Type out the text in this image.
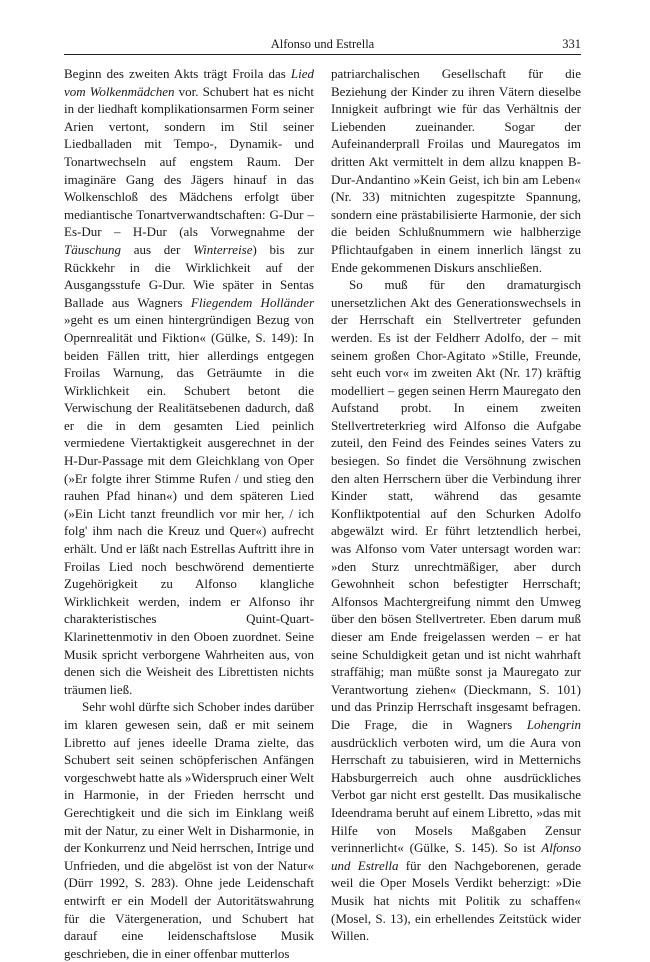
Alfonso und Estrella	331

Beginn des zweiten Akts trägt Froila das Lied vom Wolkenmädchen vor. Schubert hat es nicht in der liedhaft komplikationsarmen Form seiner Arien vertont, sondern im Stil seiner Liedballaden mit Tempo-, Dynamik- und Tonartwechseln auf engstem Raum. Der imaginäre Gang des Jägers hinauf in das Wolkenschloß des Mädchens erfolgt über mediantische Tonartverwandtschaften: G-Dur – Es-Dur – H-Dur (als Vorwegnahme der Täuschung aus der Winterreise) bis zur Rückkehr in die Wirklichkeit auf der Ausgangsstufe G-Dur. Wie später in Sentas Ballade aus Wagners Fliegendem Holländer »geht es um einen hintergründigen Bezug von Opernrealität und Fiktion« (Gülke, S. 149): In beiden Fällen tritt, hier allerdings entgegen Froilas Warnung, das Geträumte in die Wirklichkeit ein. Schubert betont die Verwischung der Realitätsebenen dadurch, daß er die in dem gesamten Lied peinlich vermiedene Viertaktigkeit ausgerechnet in der H-Dur-Passage mit dem Gleichklang von Oper (»Er folgte ihrer Stimme Rufen / und stieg den rauhen Pfad hinan«) und dem späteren Lied (»Ein Licht tanzt freundlich vor mir her, / ich folg' ihm nach die Kreuz und Quer«) aufrecht erhält. Und er läßt nach Estrellas Auftritt ihre in Froilas Lied noch beschwörend dementierte Zugehörigkeit zu Alfonso klangliche Wirklichkeit werden, indem er Alfonso ihr charakteristisches Quint-Quart-Klarinettenmotiv in den Oboen zuordnet. Seine Musik spricht verborgene Wahrheiten aus, von denen sich die Weisheit des Librettisten nichts träumen ließ.

Sehr wohl dürfte sich Schober indes darüber im klaren gewesen sein, daß er mit seinem Libretto auf jenes ideelle Drama zielte, das Schubert seit seinen schöpferischen Anfängen vorgeschwebt hatte als »Widerspruch einer Welt in Harmonie, in der Frieden herrscht und Gerechtigkeit und die sich im Einklang weiß mit der Natur, zu einer Welt in Disharmonie, in der Konkurrenz und Neid herrschen, Intrige und Unfrieden, und die abgelöst ist von der Natur« (Dürr 1992, S. 283). Ohne jede Leidenschaft entwirft er ein Modell der Autoritätswahrung für die Vätergeneration, und Schubert hat darauf eine leidenschaftslose Musik geschrieben, die in einer offenbar mutterlos

patriarchalischen Gesellschaft für die Beziehung der Kinder zu ihren Vätern dieselbe Innigkeit aufbringt wie für das Verhältnis der Liebenden zueinander. Sogar der Aufeinanderprall Froilas und Mauregatos im dritten Akt vermittelt in dem allzu knappen B-Dur-Andantino »Kein Geist, ich bin am Leben« (Nr. 33) mitnichten zugespitzte Spannung, sondern eine prästabilisierte Harmonie, der sich die beiden Schlußnummern wie halbherzige Pflichtaufgaben in einem innerlich längst zu Ende gekommenen Diskurs anschließen.

So muß für den dramaturgisch unersetzlichen Akt des Generationswechsels in der Herrschaft ein Stellvertreter gefunden werden. Es ist der Feldherr Adolfo, der – mit seinem großen Chor-Agitato »Stille, Freunde, seht euch vor« im zweiten Akt (Nr. 17) kräftig modelliert – gegen seinen Herrn Mauregato den Aufstand probt. In einem zweiten Stellvertreterkrieg wird Alfonso die Aufgabe zuteil, den Feind des Feindes seines Vaters zu besiegen. So findet die Versöhnung zwischen den alten Herrschern über die Verbindung ihrer Kinder statt, während das gesamte Konfliktpotential auf den Schurken Adolfo abgewälzt wird. Er führt letztendlich herbei, was Alfonso vom Vater untersagt worden war: »den Sturz unrechtmäßiger, aber durch Gewohnheit schon befestigter Herrschaft; Alfonsos Machtergreifung nimmt den Umweg über den bösen Stellvertreter. Eben darum muß dieser am Ende freigelassen werden – er hat seine Schuldigkeit getan und ist nicht wahrhaft straffähig; man müßte sonst ja Mauregato zur Verantwortung ziehen« (Dieckmann, S. 101) und das Prinzip Herrschaft insgesamt befragen. Die Frage, die in Wagners Lohengrin ausdrücklich verboten wird, um die Aura von Herrschaft zu tabuisieren, wird in Metternichs Habsburgerreich auch ohne ausdrückliches Verbot gar nicht erst gestellt. Das musikalische Ideendrama beruht auf einem Libretto, »das mit Hilfe von Mosels Maßgaben Zensur verinnerlicht« (Gülke, S. 145). So ist Alfonso und Estrella für den Nachgeborenen, gerade weil die Oper Mosels Verdikt beherzigt: »Die Musik hat nichts mit Politik zu schaffen« (Mosel, S. 13), ein erhellendes Zeitstück wider Willen.
